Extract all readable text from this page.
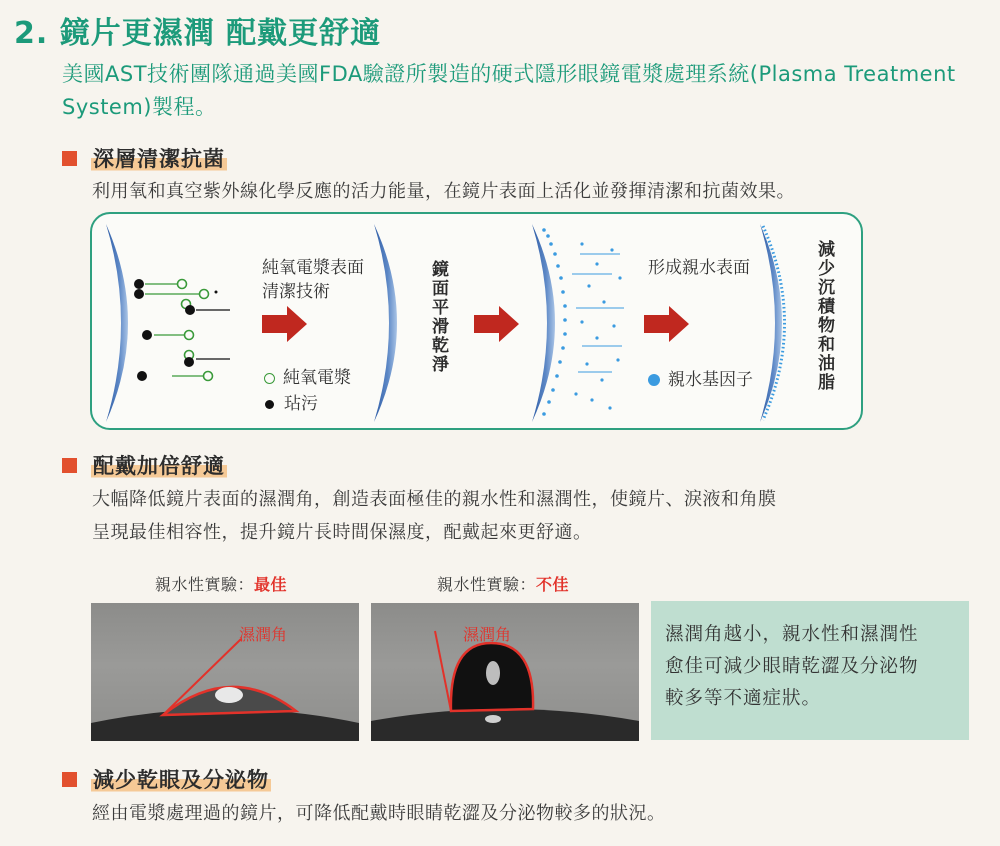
2. 鏡片更濕潤 配戴更舒適
美國AST技術團隊通過美國FDA驗證所製造的硬式隱形眼鏡電漿處理系統(Plasma Treatment System)製程。
深層清潔抗菌
利用氧和真空紫外線化學反應的活力能量，在鏡片表面上活化並發揮清潔和抗菌效果。
純氧電漿表面
清潔技術
純氧電漿
玷污
鏡面平滑乾淨	形成親水表面
親水基因子	減少沉積物和油脂
配戴加倍舒適
大幅降低鏡片表面的濕潤角，創造表面極佳的親水性和濕潤性，使鏡片、淚液和角膜
呈現最佳相容性，提升鏡片長時間保濕度，配戴起來更舒適。
親水性實驗：最佳	親水性實驗：不佳
濕潤角	濕潤角	濕潤角越小，親水性和濕潤性
愈佳可減少眼睛乾澀及分泌物
較多等不適症狀。
減少乾眼及分泌物
經由電漿處理過的鏡片，可降低配戴時眼睛乾澀及分泌物較多的狀況。
